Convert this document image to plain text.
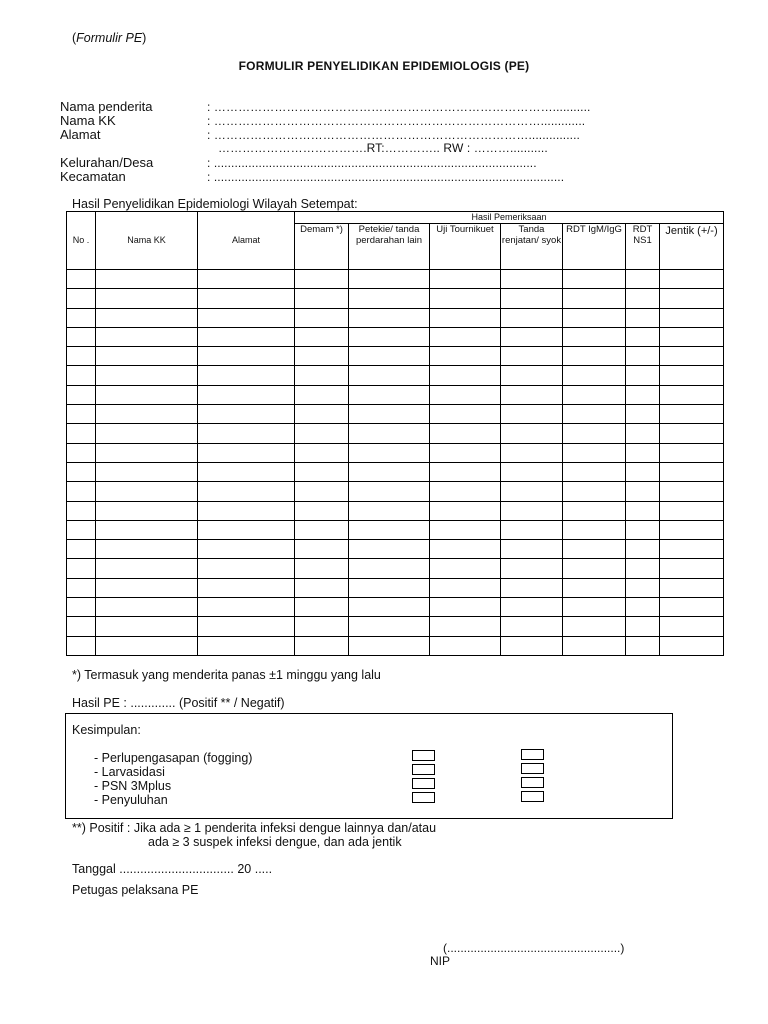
(Formulir PE)
FORMULIR PENYELIDIKAN EPIDEMIOLOGIS (PE)
Nama penderita	: …………………………………………………………………………...........
Nama KK	: ……………………………………………………………………….............
Alamat	: ……………………………………………………………………...............
……………………………….RT:………….. RW : ………...........
Kelurahan/Desa	: ..............................................................................................
Kecamatan	: ......................................................................................................
Hasil Penyelidikan Epidemiologi Wilayah Setempat:
No .	Nama KK	Alamat	Hasil Pemeriksaan						
			Demam *)	Petekie/ tanda perdarahan lain	Uji Tournikuet	Tanda renjatan/ syok	RDT IgM/IgG	RDT NS1	Jentik (+/-)

*) Termasuk yang menderita panas ±1 minggu yang lalu
Hasil PE : ............. (Positif ** / Negatif)
Kesimpulan:
- Perlupengasapan (fogging)
- Larvasidasi
- PSN 3Mplus
- Penyuluhan
**) Positif : Jika ada ≥ 1 penderita infeksi dengue lainnya dan/atau
ada ≥ 3 suspek infeksi dengue, dan ada jentik
Tanggal ................................. 20 .....
Petugas pelaksana PE
(....................................................)
NIP
